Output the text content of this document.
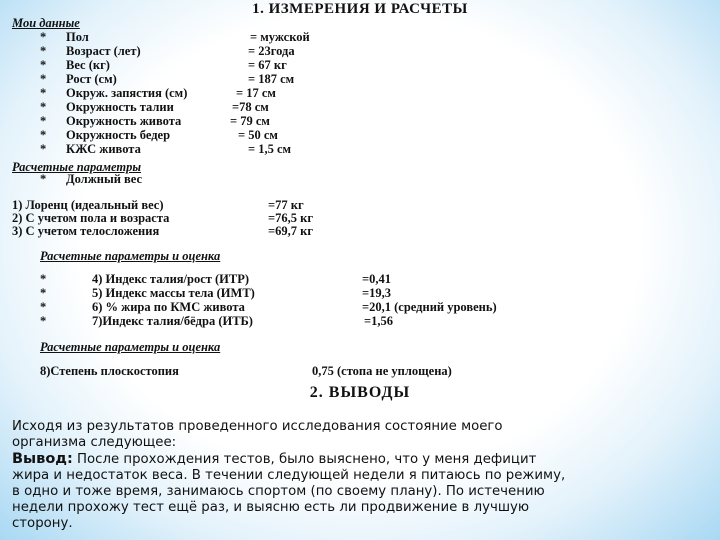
1. ИЗМЕРЕНИЯ И РАСЧЕТЫ
Мои данные
* Пол	= мужской
* Возраст (лет)	= 23года
* Вес (кг)	= 67 кг
* Рост (см)	= 187 см
* Окруж. запястия (см)	= 17 см
* Окружность талии	=78 см
* Окружность живота	= 79 см
* Окружность бедер	= 50 см
* КЖС живота	= 1,5 см
Расчетные параметры
* Должный вес
1) Лоренц (идеальный вес)	=77 кг
2) С учетом пола и возраста	=76,5 кг
3) С учетом телосложения	=69,7 кг
Расчетные параметры и оценка
*	4) Индекс талия/рост (ИТР)	=0,41
*	5) Индекс массы тела (ИМТ)	=19,3
*	6) % жира по КМС живота	=20,1 (средний уровень)
*	7)Индекс талия/бёдра (ИТБ)	=1,56
Расчетные параметры и оценка
8)Степень плоскостопия	0,75 (стопа не уплощена)
2. ВЫВОДЫ
Исходя из результатов проведенного исследования состояние моего
организма следующее:
Вывод: После прохождения тестов, было выяснено, что у меня дефицит
жира и недостаток веса. В течении следующей недели я питаюсь по режиму,
в одно и тоже время, занимаюсь спортом (по своему плану). По истечению
недели прохожу тест ещё раз, и выясню есть ли продвижение в лучшую
сторону.
